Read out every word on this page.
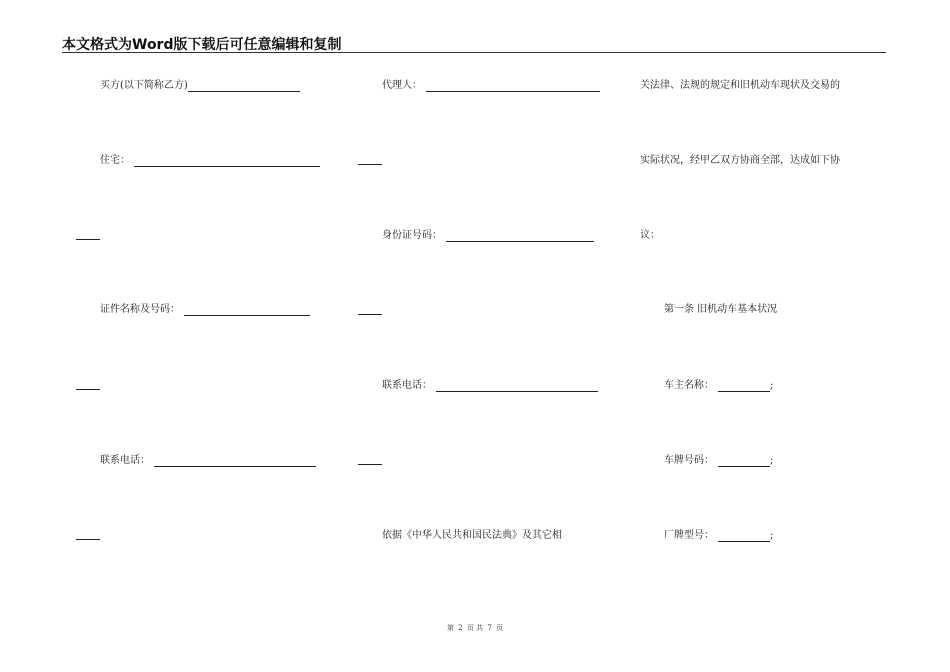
本文格式为Word版下载后可任意编辑和复制
买方(以下简称乙方)
住宅：
证件名称及号码：
联系电话：
代理人：
身份证号码：
联系电话：
依据《中华人民共和国民法典》及其它相
关法律、法规的规定和旧机动车现状及交易的
实际状况，经甲乙双方协商全部，达成如下协
议：
第一条 旧机动车基本状况
车主名称：	;
车牌号码：	;
厂牌型号：	;
第 2 页 共 7 页
